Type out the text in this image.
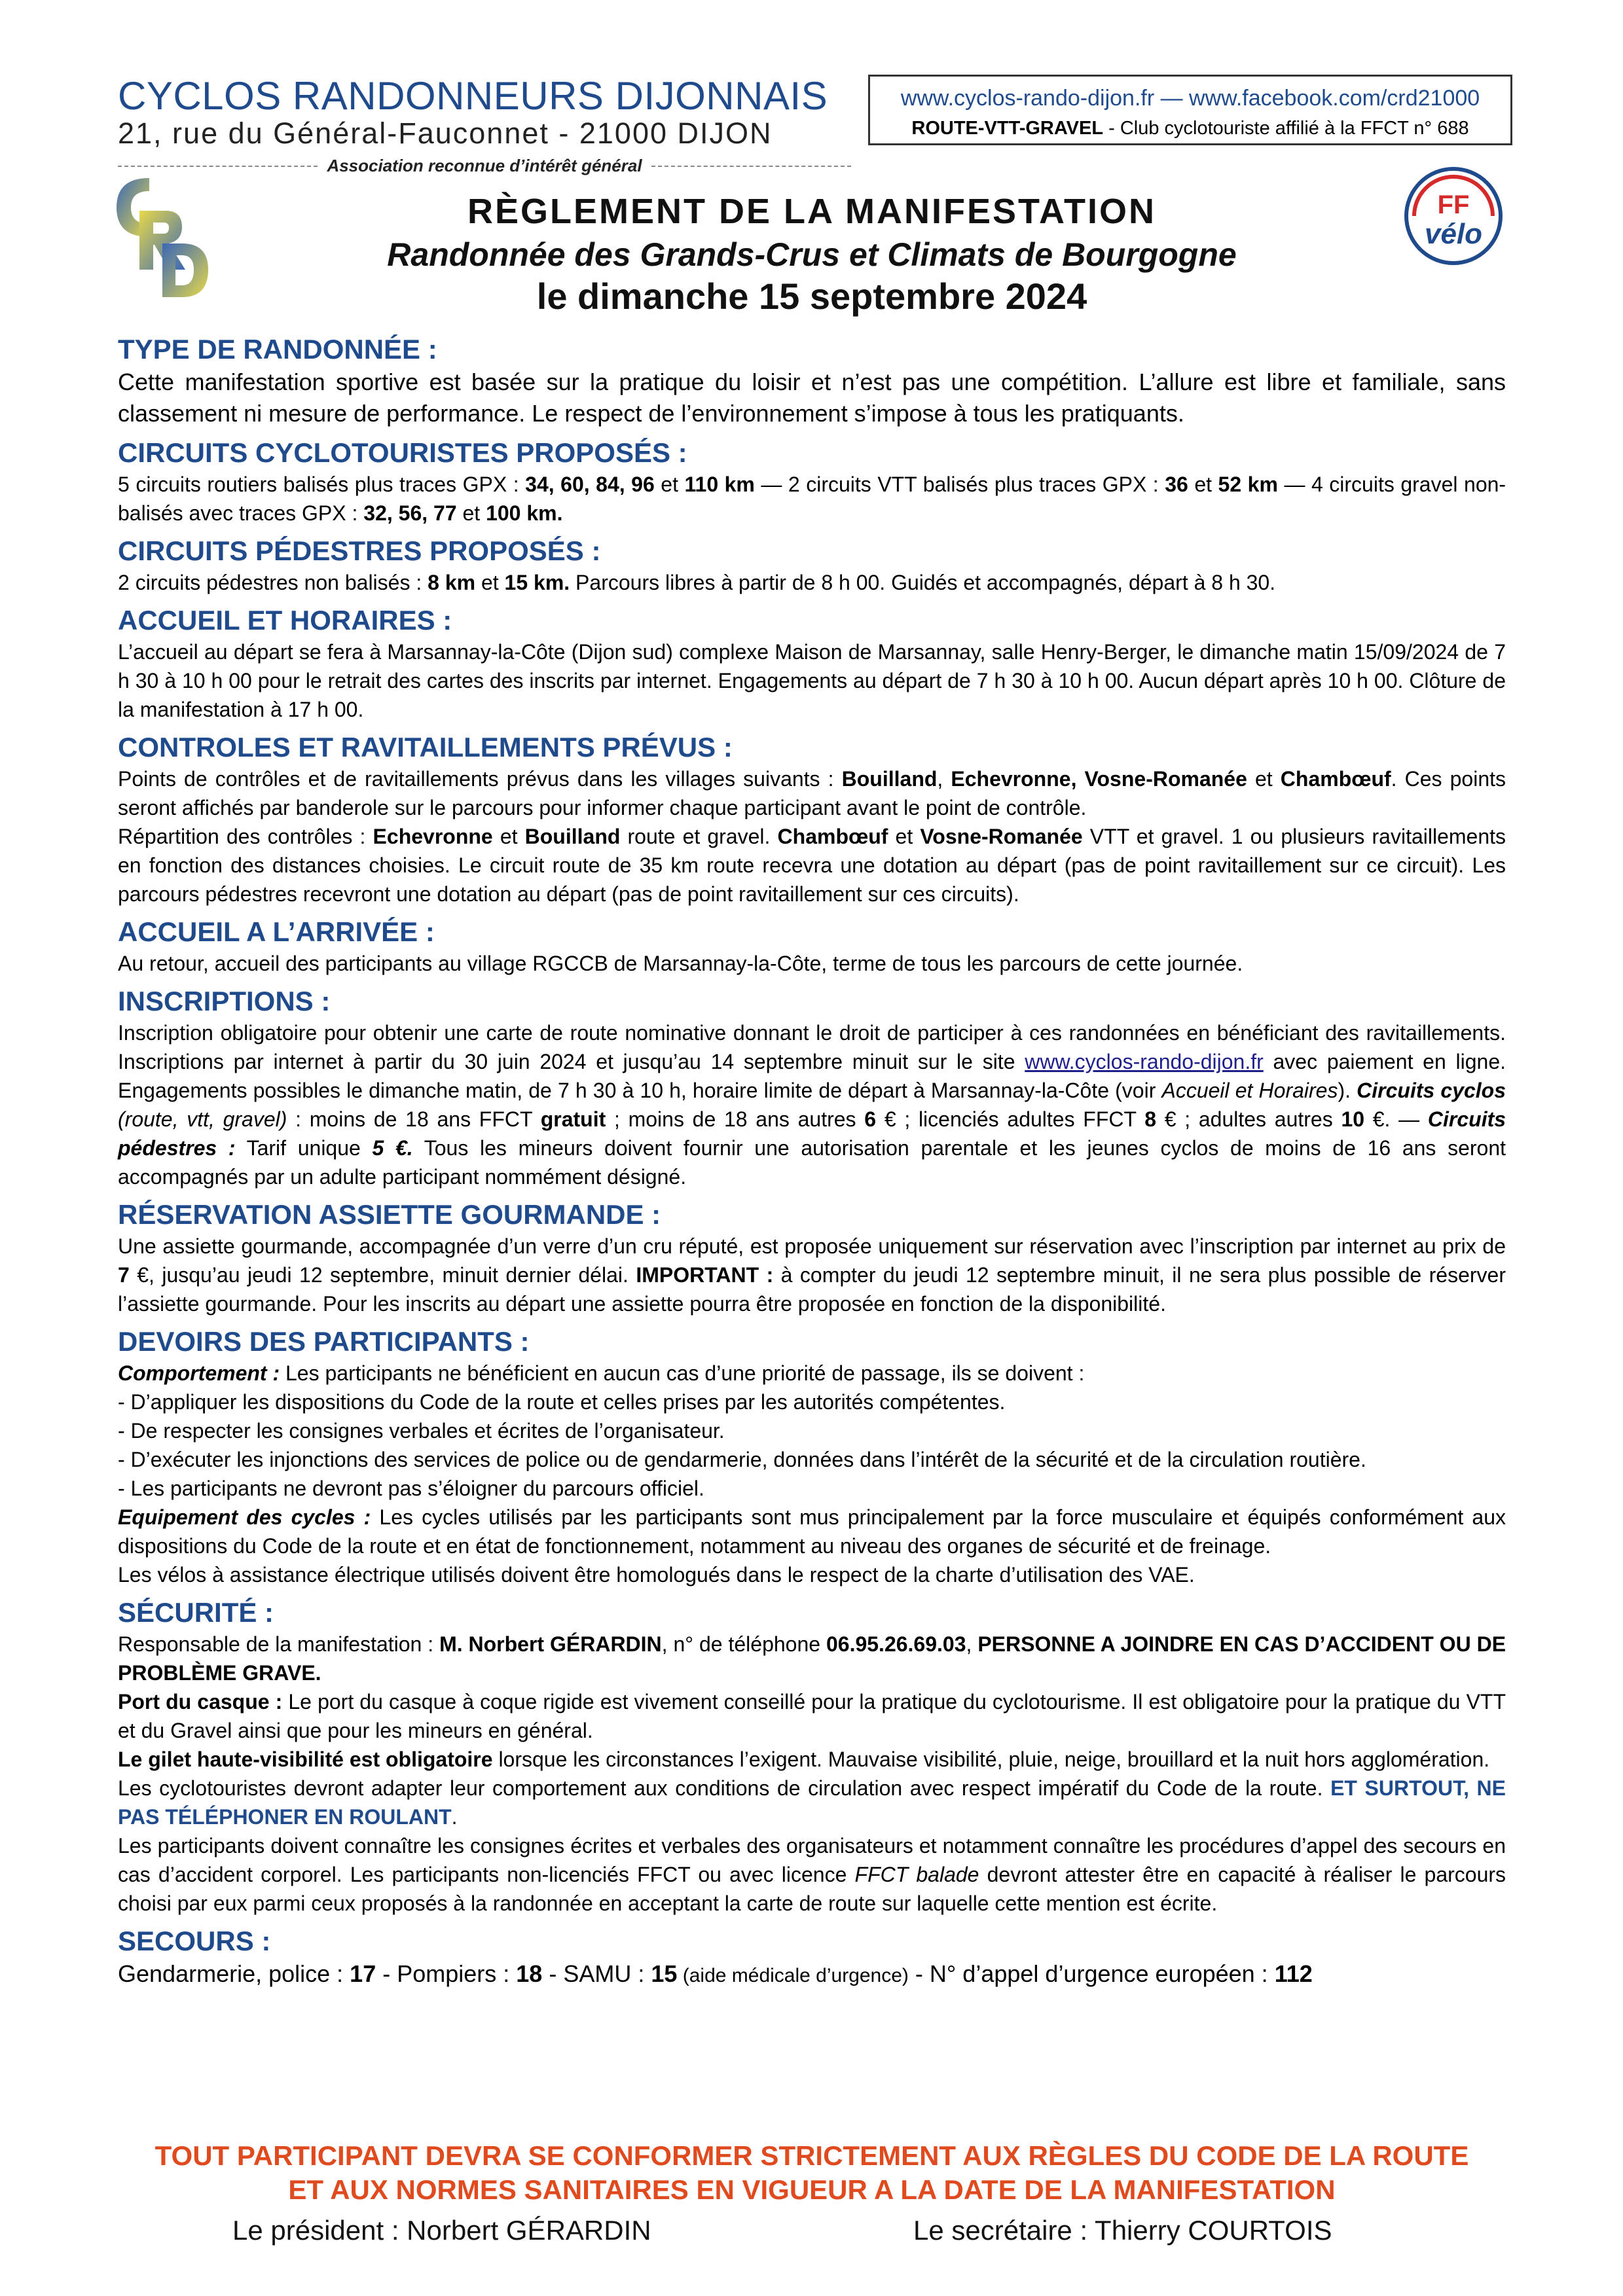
CYCLOS RANDONNEURS DIJONNAIS
21, rue du Général-Fauconnet - 21000 DIJON
Association reconnue d’intérêt général
www.cyclos-rando-dijon.fr — www.facebook.com/crd21000
ROUTE-VTT-GRAVEL - Club cyclotouriste affilié à la FFCT n° 688
FF
vélo
RÈGLEMENT DE LA MANIFESTATION
Randonnée des Grands-Crus et Climats de Bourgogne
le dimanche 15 septembre 2024
TYPE DE RANDONNÉE :
Cette manifestation sportive est basée sur la pratique du loisir et n’est pas une compétition. L’allure est libre et familiale, sans classement ni mesure de performance. Le respect de l’environnement s’impose à tous les pratiquants.
CIRCUITS CYCLOTOURISTES PROPOSÉS :
5 circuits routiers balisés plus traces GPX : 34, 60, 84, 96 et 110 km — 2 circuits VTT balisés plus traces GPX : 36 et 52 km — 4 circuits gravel non-balisés avec traces GPX : 32, 56, 77 et 100 km.
CIRCUITS PÉDESTRES PROPOSÉS :
2 circuits pédestres non balisés : 8 km et 15 km. Parcours libres à partir de 8 h 00. Guidés et accompagnés, départ à 8 h 30.
ACCUEIL ET HORAIRES :
L’accueil au départ se fera à Marsannay-la-Côte (Dijon sud) complexe Maison de Marsannay, salle Henry-Berger, le dimanche matin 15/09/2024 de 7 h 30 à 10 h 00 pour le retrait des cartes des inscrits par internet. Engagements au départ de 7 h 30 à 10 h 00. Aucun départ après 10 h 00. Clôture de la manifestation à 17 h 00.
CONTROLES ET RAVITAILLEMENTS PRÉVUS :
Points de contrôles et de ravitaillements prévus dans les villages suivants : Bouilland, Echevronne, Vosne-Romanée et Chambœuf. Ces points seront affichés par banderole sur le parcours pour informer chaque participant avant le point de contrôle.
Répartition des contrôles : Echevronne et Bouilland route et gravel. Chambœuf et Vosne-Romanée VTT et gravel. 1 ou plusieurs ravitaillements en fonction des distances choisies. Le circuit route de 35 km route recevra une dotation au départ (pas de point ravitaillement sur ce circuit). Les parcours pédestres recevront une dotation au départ (pas de point ravitaillement sur ces circuits).
ACCUEIL A L’ARRIVÉE :
Au retour, accueil des participants au village RGCCB de Marsannay-la-Côte, terme de tous les parcours de cette journée.
INSCRIPTIONS :
Inscription obligatoire pour obtenir une carte de route nominative donnant le droit de participer à ces randonnées en bénéficiant des ravitaillements. Inscriptions par internet à partir du 30 juin 2024 et jusqu’au 14 septembre minuit sur le site www.cyclos-rando-dijon.fr avec paiement en ligne. Engagements possibles le dimanche matin, de 7 h 30 à 10 h, horaire limite de départ à Marsannay-la-Côte (voir Accueil et Horaires). Circuits cyclos (route, vtt, gravel) : moins de 18 ans FFCT gratuit ; moins de 18 ans autres 6 € ; licenciés adultes FFCT 8 € ; adultes autres 10 €. — Circuits pédestres : Tarif unique 5 €. Tous les mineurs doivent fournir une autorisation parentale et les jeunes cyclos de moins de 16 ans seront accompagnés par un adulte participant nommément désigné.
RÉSERVATION ASSIETTE GOURMANDE :
Une assiette gourmande, accompagnée d’un verre d’un cru réputé, est proposée uniquement sur réservation avec l’inscription par internet au prix de 7 €, jusqu’au jeudi 12 septembre, minuit dernier délai. IMPORTANT : à compter du jeudi 12 septembre minuit, il ne sera plus possible de réserver l’assiette gourmande. Pour les inscrits au départ une assiette pourra être proposée en fonction de la disponibilité.
DEVOIRS DES PARTICIPANTS :
Comportement : Les participants ne bénéficient en aucun cas d’une priorité de passage, ils se doivent :
- D’appliquer les dispositions du Code de la route et celles prises par les autorités compétentes.
- De respecter les consignes verbales et écrites de l’organisateur.
- D’exécuter les injonctions des services de police ou de gendarmerie, données dans l’intérêt de la sécurité et de la circulation routière.
- Les participants ne devront pas s’éloigner du parcours officiel.
Equipement des cycles : Les cycles utilisés par les participants sont mus principalement par la force musculaire et équipés conformément aux dispositions du Code de la route et en état de fonctionnement, notamment au niveau des organes de sécurité et de freinage.
Les vélos à assistance électrique utilisés doivent être homologués dans le respect de la charte d’utilisation des VAE.
SÉCURITÉ :
Responsable de la manifestation : M. Norbert GÉRARDIN, n° de téléphone 06.95.26.69.03, PERSONNE A JOINDRE EN CAS D’ACCIDENT OU DE PROBLÈME GRAVE.
Port du casque : Le port du casque à coque rigide est vivement conseillé pour la pratique du cyclotourisme. Il est obligatoire pour la pratique du VTT et du Gravel ainsi que pour les mineurs en général.
Le gilet haute-visibilité est obligatoire lorsque les circonstances l’exigent. Mauvaise visibilité, pluie, neige, brouillard et la nuit hors agglomération.
Les cyclotouristes devront adapter leur comportement aux conditions de circulation avec respect impératif du Code de la route. ET SURTOUT, NE PAS TÉLÉPHONER EN ROULANT.
Les participants doivent connaître les consignes écrites et verbales des organisateurs et notamment connaître les procédures d’appel des secours en cas d’accident corporel. Les participants non-licenciés FFCT ou avec licence FFCT balade devront attester être en capacité à réaliser le parcours choisi par eux parmi ceux proposés à la randonnée en acceptant la carte de route sur laquelle cette mention est écrite.
SECOURS :
Gendarmerie, police : 17 - Pompiers : 18 - SAMU : 15 (aide médicale d’urgence) - N° d’appel d’urgence européen : 112
TOUT PARTICIPANT DEVRA SE CONFORMER STRICTEMENT AUX RÈGLES DU CODE DE LA ROUTE
ET AUX NORMES SANITAIRES EN VIGUEUR A LA DATE DE LA MANIFESTATION
Le président : Norbert GÉRARDIN	Le secrétaire : Thierry COURTOIS
